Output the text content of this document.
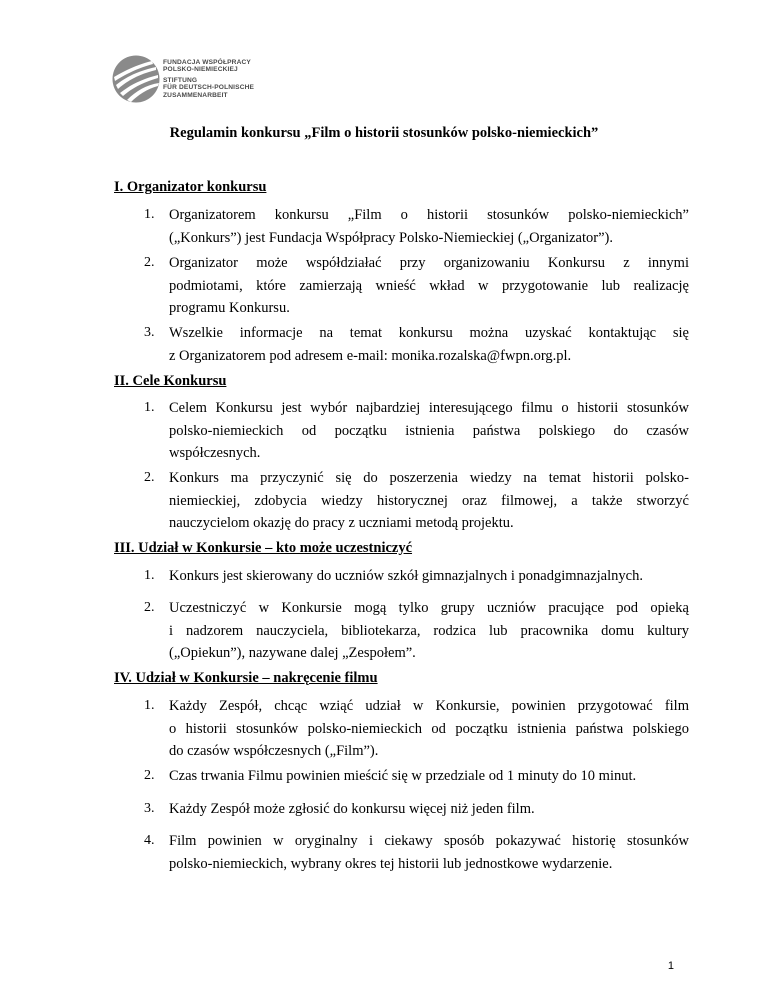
FUNDACJA WSPÓŁPRACY
POLSKO-NIEMIECKIEJ
STIFTUNG
FÜR DEUTSCH-POLNISCHE
ZUSAMMENARBEIT
Regulamin konkursu „Film o historii stosunków polsko-niemieckich”
I. Organizator konkursu
1. Organizatorem konkursu „Film o historii stosunków polsko-niemieckich”
(„Konkurs”) jest Fundacja Współpracy Polsko-Niemieckiej („Organizator”).
2. Organizator może współdziałać przy organizowaniu Konkursu z innymi
podmiotami, które zamierzają wnieść wkład w przygotowanie lub realizację
programu Konkursu.
3. Wszelkie informacje na temat konkursu można uzyskać kontaktując się
z Organizatorem pod adresem e-mail: monika.rozalska@fwpn.org.pl.
II. Cele Konkursu
1. Celem Konkursu jest wybór najbardziej interesującego filmu o historii stosunków
polsko-niemieckich od początku istnienia państwa polskiego do czasów
współczesnych.
2. Konkurs ma przyczynić się do poszerzenia wiedzy na temat historii polsko-
niemieckiej, zdobycia wiedzy historycznej oraz filmowej, a także stworzyć
nauczycielom okazję do pracy z uczniami metodą projektu.
III. Udział w Konkursie – kto może uczestniczyć
1. Konkurs jest skierowany do uczniów szkół gimnazjalnych i ponadgimnazjalnych.
2. Uczestniczyć w Konkursie mogą tylko grupy uczniów pracujące pod opieką
i nadzorem nauczyciela, bibliotekarza, rodzica lub pracownika domu kultury
(„Opiekun”), nazywane dalej „Zespołem”.
IV. Udział w Konkursie – nakręcenie filmu
1. Każdy Zespół, chcąc wziąć udział w Konkursie, powinien przygotować film
o historii stosunków polsko-niemieckich od początku istnienia państwa polskiego
do czasów współczesnych („Film”).
2. Czas trwania Filmu powinien mieścić się w przedziale od 1 minuty do 10 minut.
3. Każdy Zespół może zgłosić do konkursu więcej niż jeden film.
4. Film powinien w oryginalny i ciekawy sposób pokazywać historię stosunków
polsko-niemieckich, wybrany okres tej historii lub jednostkowe wydarzenie.
1
